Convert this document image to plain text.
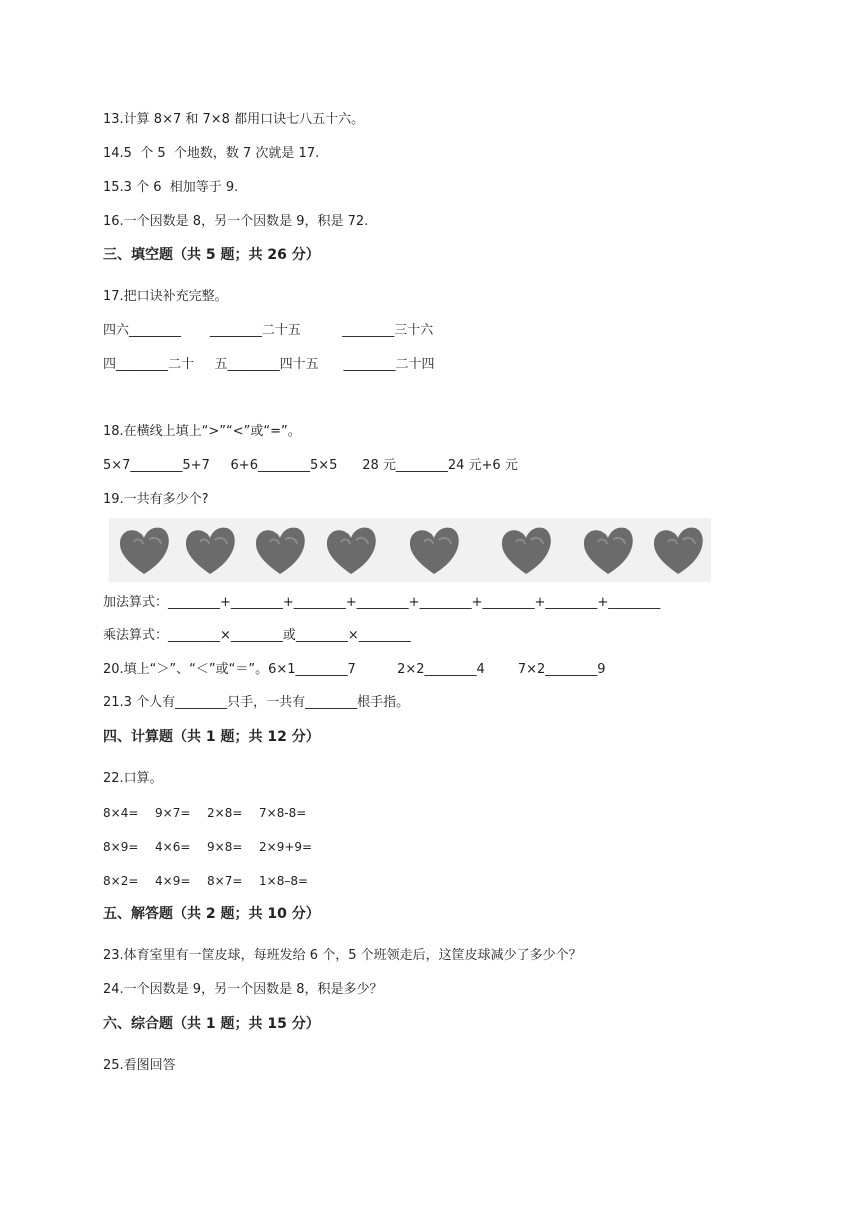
13.计算 8×7 和 7×8 都用口诀七八五十六。
14.5  个 5  个地数，数 7 次就是 17.
15.3 个 6  相加等于 9.
16.一个因数是 8，另一个因数是 9，积是 72.
三、填空题（共 5 题；共 26 分）
17.把口诀补充完整。
四六________       ________二十五          ________三十六
四________二十     五________四十五      ________二十四
18.在横线上填上“>”“<”或“=”。
5×7________5+7     6+6________5×5      28 元________24 元+6 元
19.一共有多少个?
加法算式：________+________+________+________+________+________+________+________
乘法算式：________×________或________×________
20.填上“＞”、“＜”或“＝”。6×1________7          2×2________4        7×2________9
21.3 个人有________只手，一共有________根手指。
四、计算题（共 1 题；共 12 分）
22.口算。
8×4= 9×7= 2×8= 7×8-8=
8×9= 4×6= 9×8= 2×9+9=
8×2= 4×9= 8×7= 1×8–8=
五、解答题（共 2 题；共 10 分）
23.体育室里有一筐皮球，每班发给 6 个，5 个班领走后，这筐皮球减少了多少个？
24.一个因数是 9，另一个因数是 8，积是多少？
六、综合题（共 1 题；共 15 分）
25.看图回答
